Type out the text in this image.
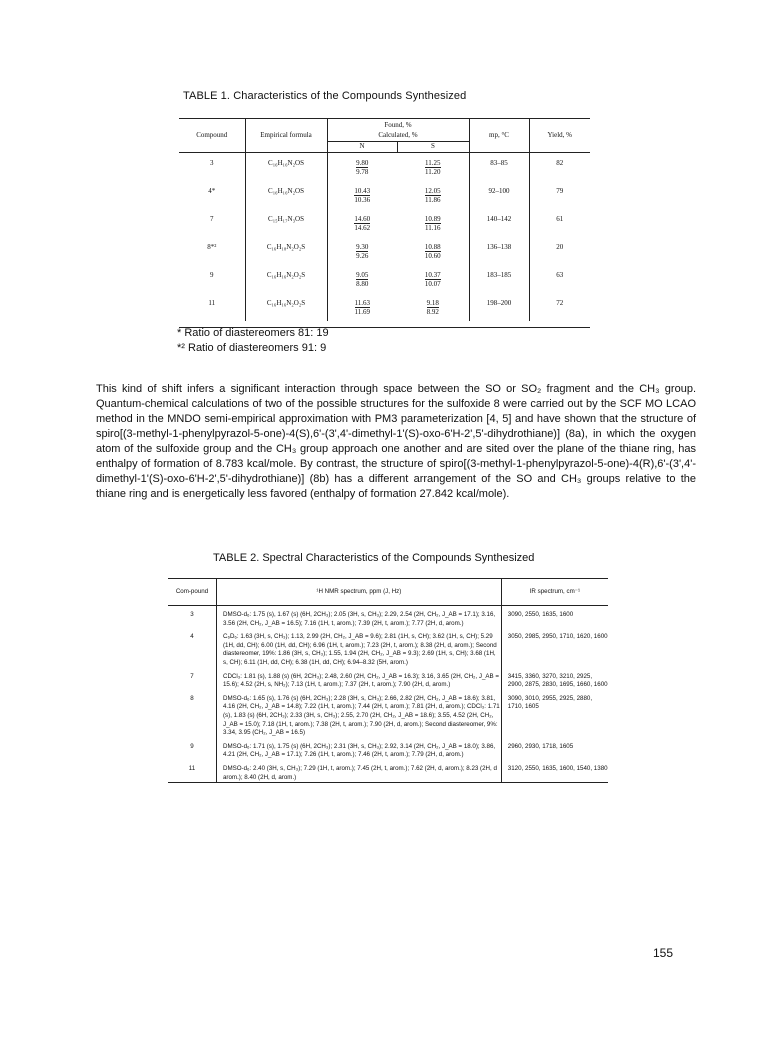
TABLE 1. Characteristics of the Compounds Synthesized

Compound	Empirical formula	Found, %		mp, °C	Yield, %
		Calculated, %			
		N	S		

3	C₁₆H₁₆N₂OS	$\frac{9.80}{9.78}$	$\frac{11.25}{11.20}$	83–85	82
4*	C₁₆H₁₆N₂OS	$\frac{10.43}{10.36}$	$\frac{12.05}{11.86}$	92–100	79
7	C₁₅H₁₇N₃OS	$\frac{14.60}{14.62}$	$\frac{10.89}{11.16}$	140–142	61
8*²	C₁₆H₁₈N₂O₂S	$\frac{9.30}{9.26}$	$\frac{10.88}{10.60}$	136–138	20
9	C₁₆H₁₆N₂O₂S	$\frac{9.05}{8.80}$	$\frac{10.37}{10.07}$	183–185	63
11	C₁₆H₁₆N₂O₂S	$\frac{11.63}{11.69}$	$\frac{9.18}{8.92}$	198–200	72

* Ratio of diastereomers 81: 19
*² Ratio of diastereomers 91: 9

This kind of shift infers a significant interaction through space between the SO or SO₂ fragment and the CH₃ group. Quantum-chemical calculations of two of the possible structures for the sulfoxide 8 were carried out by the SCF MO LCAO method in the MNDO semi-empirical approximation with PM3 parameterization [4, 5] and have shown that the structure of spiro[(3-methyl-1-phenylpyrazol-5-one)-4(S),6'-(3',4'-dimethyl-1'(S)-oxo-6'H-2',5'-dihydrothiane)] (8a), in which the oxygen atom of the sulfoxide group and the CH₃ group approach one another and are sited over the plane of the thiane ring, has enthalpy of formation of 8.783 kcal/mole. By contrast, the structure of spiro[(3-methyl-1-phenylpyrazol-5-one)-4(R),6'-(3',4'-dimethyl-1'(S)-oxo-6'H-2',5'-dihydrothiane)] (8b) has a different arrangement of the SO and CH₃ groups relative to the thiane ring and is energetically less favored (enthalpy of formation 27.842 kcal/mole).

TABLE 2. Spectral Characteristics of the Compounds Synthesized
Com-pound	¹H NMR spectrum, ppm (J, Hz)	IR spectrum, cm⁻¹
3	DMSO-d₆: 1.75 (s), 1.67 (s) (6H, 2CH₃); 2.05 (3H, s, CH₃); 2.29, 2.54 (2H, CH₂, J_AB = 17.1); 3.16, 3.56 (2H, CH₂, J_AB = 16.5); 7.16 (1H, t, arom.); 7.39 (2H, t, arom.); 7.77 (2H, d, arom.)	3090, 2550, 1635, 1600
4	C₆D₆: 1.63 (3H, s, CH₃); 1.13, 2.99 (2H, CH₂, J_AB = 9.6); 2.81 (1H, s, CH); 3.62 (1H, s, CH); 5.29 (1H, dd, CH); 6.00 (1H, dd, CH); 6.96 (1H, t, arom.); 7.23 (2H, t, arom.); 8.38 (2H, d, arom.); Second diastereomer, 19%: 1.86 (3H, s, CH₃); 1.55, 1.94 (2H, CH₂, J_AB = 9.3); 2.69 (1H, s, CH); 3.68 (1H, s, CH); 6.11 (1H, dd, CH); 6.38 (1H, dd, CH); 6.94–8.32 (5H, arom.)	3050, 2985, 2950, 1710, 1620, 1600
7	CDCl₃: 1.81 (s), 1.88 (s) (6H, 2CH₃); 2.48, 2.60 (2H, CH₂, J_AB = 16.3); 3.16, 3.65 (2H, CH₂, J_AB = 15.6); 4.52 (2H, s, NH₂); 7.13 (1H, t, arom.); 7.37 (2H, t, arom.); 7.90 (2H, d, arom.)	3415, 3360, 3270, 3210, 2925, 2900, 2875, 2830, 1695, 1660, 1600
8	DMSO-d₆: 1.65 (s), 1.76 (s) (6H, 2CH₃); 2.28 (3H, s, CH₃); 2.66, 2.82 (2H, CH₂, J_AB = 18.6); 3.81, 4.16 (2H, CH₂, J_AB = 14.8); 7.22 (1H, t, arom.); 7.44 (2H, t, arom.); 7.81 (2H, d, arom.); CDCl₃: 1.71 (s), 1.83 (s) (6H, 2CH₃); 2.33 (3H, s, CH₃); 2.55, 2.70 (2H, CH₂, J_AB = 18.6); 3.55, 4.52 (2H, CH₂, J_AB = 15.0); 7.18 (1H, t, arom.); 7.38 (2H, t, arom.); 7.90 (2H, d, arom.); Second diastereomer, 9%: 3.34, 3.95 (CH₂, J_AB = 16.5)	3090, 3010, 2955, 2925, 2880, 1710, 1605
9	DMSO-d₆: 1.71 (s), 1.75 (s) (6H, 2CH₃); 2.31 (3H, s, CH₃); 2.92, 3.14 (2H, CH₂, J_AB = 18.0); 3.86, 4.21 (2H, CH₂, J_AB = 17.1); 7.26 (1H, t, arom.); 7.46 (2H, t, arom.); 7.79 (2H, d, arom.)	2960, 2930, 1718, 1605
11	DMSO-d₆: 2.40 (3H, s, CH₃); 7.29 (1H, t, arom.); 7.45 (2H, t, arom.); 7.62 (2H, d, arom.); 8.23 (2H, d arom.); 8.40 (2H, d, arom.)	3120, 2550, 1635, 1600, 1540, 1380
155
